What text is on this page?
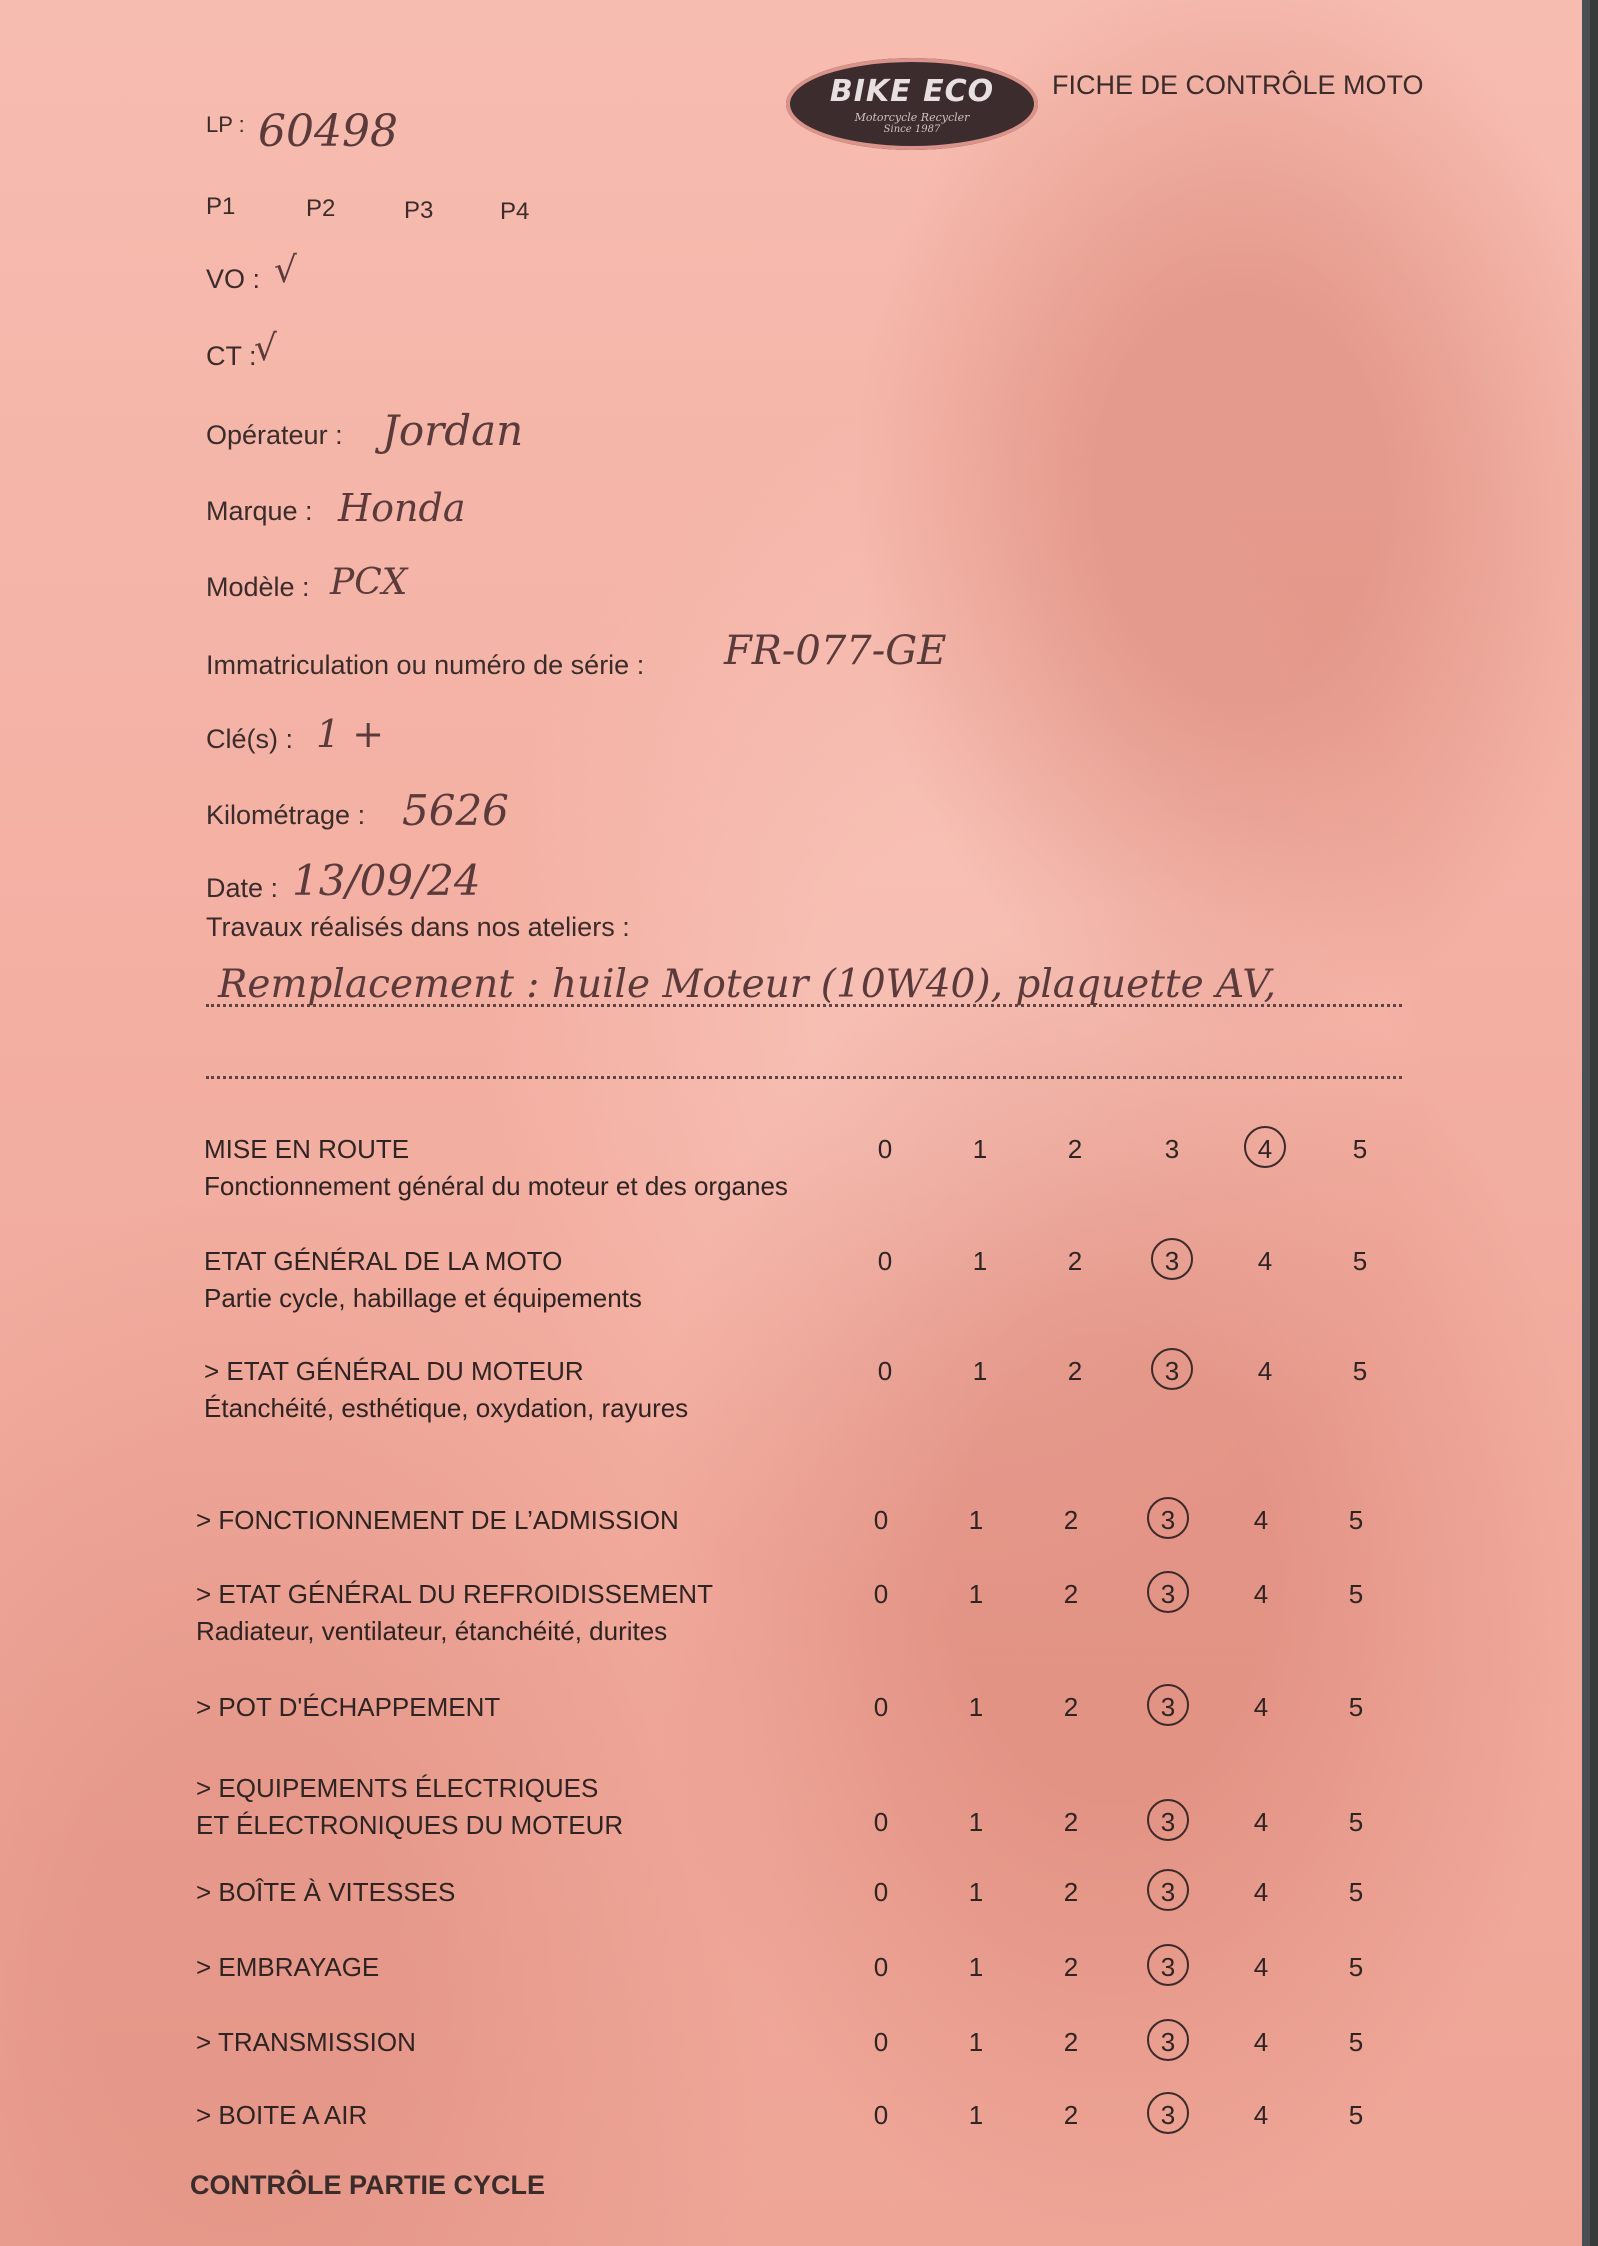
BIKE ECO
Motorcycle Recycler
Since 1987
FICHE DE CONTRÔLE MOTO
LP : 60498
P1	P2	P3	P4
VO : √
CT :
√
Opérateur : Jordan
Marque : Honda
Modèle : PCX
Immatriculation ou numéro de série : FR-077-GE
Clé(s) : 1 +
Kilométrage : 5626
Date : 13/09/24
Travaux réalisés dans nos ateliers :
Remplacement : huile Moteur (10W40), plaquette AV,
MISE EN ROUTE
Fonctionnement général du moteur et des organes
0	1	2	3	4	5
ETAT GÉNÉRAL DE LA MOTO
Partie cycle, habillage et équipements
0	1	2	3	4	5
> ETAT GÉNÉRAL DU MOTEUR
Étanchéité, esthétique, oxydation, rayures
0	1	2	3	4	5
> FONCTIONNEMENT DE L’ADMISSION	0	1	2	3	4	5
> ETAT GÉNÉRAL DU REFROIDISSEMENT
Radiateur, ventilateur, étanchéité, durites
0	1	2	3	4	5
> POT D'ÉCHAPPEMENT	0	1	2	3	4	5
> EQUIPEMENTS ÉLECTRIQUES
ET ÉLECTRONIQUES DU MOTEUR	0	1	2	3	4	5
> BOÎTE À VITESSES	0	1	2	3	4	5
> EMBRAYAGE	0	1	2	3	4	5
> TRANSMISSION	0	1	2	3	4	5
> BOITE A AIR	0	1	2	3	4	5
CONTRÔLE PARTIE CYCLE
